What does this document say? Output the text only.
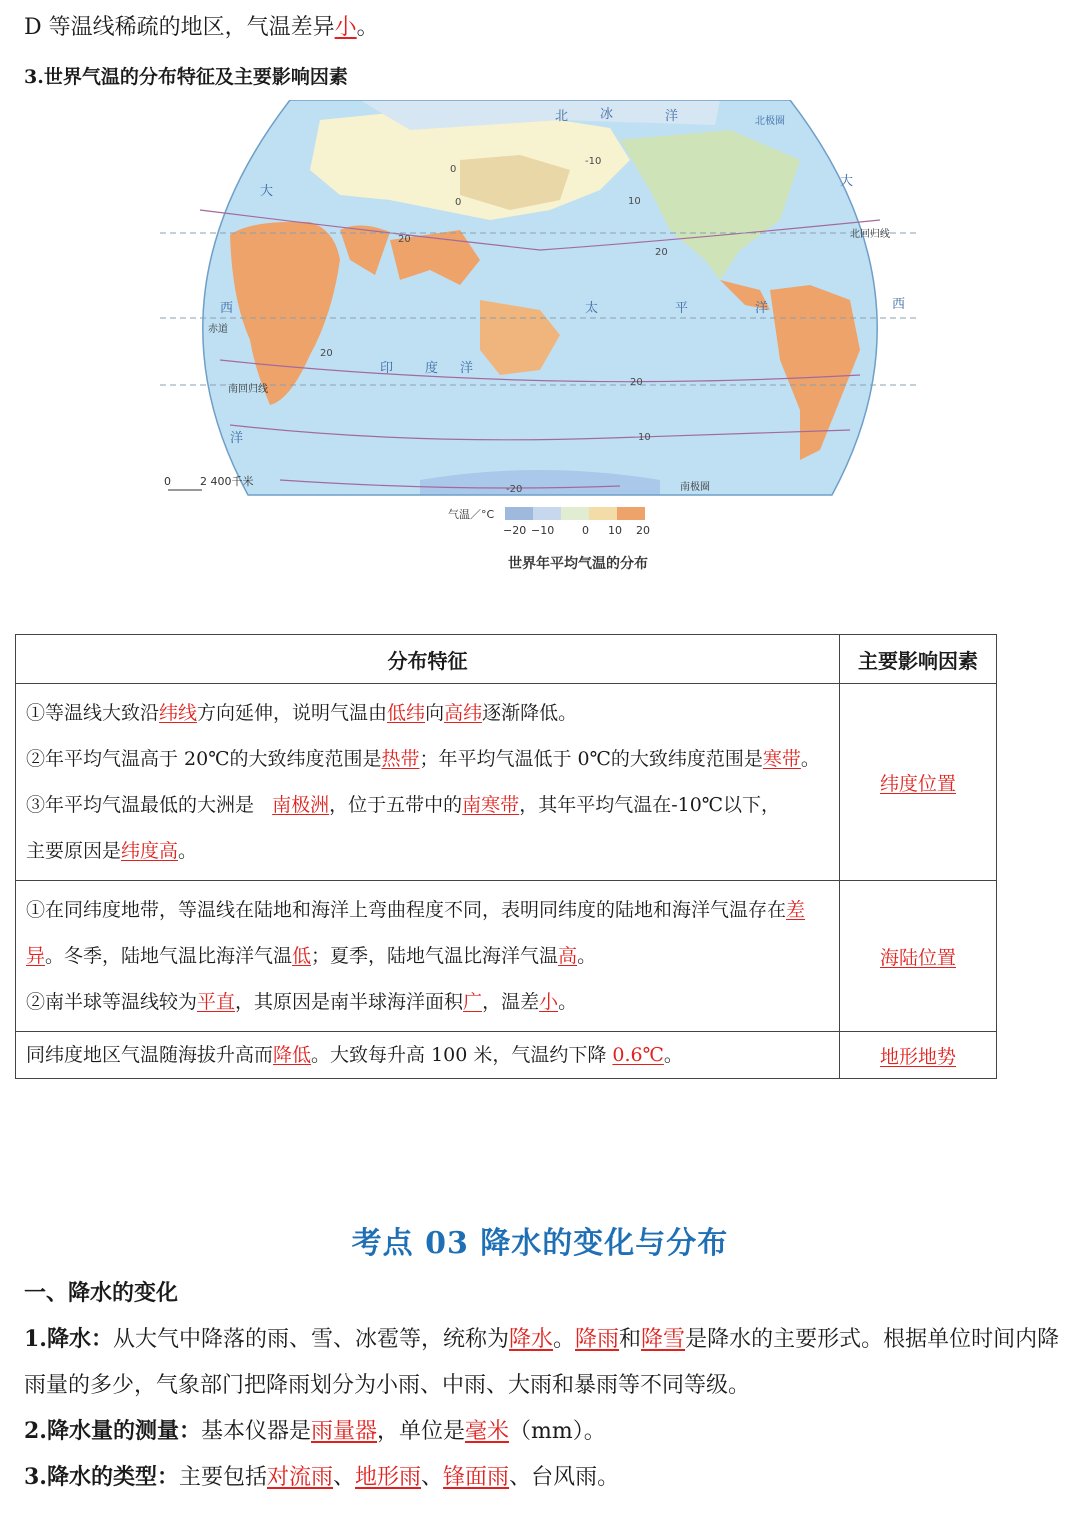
D 等温线稀疏的地区，气温差异小。
3.世界气温的分布特征及主要影响因素
北 冰	洋	北极圈
大
大
西	西
太	平	洋
赤道
印 度 洋
南回归线
北回归线
洋
南极圈
-10
0
0	10
10
20
20
20
20
-20
0	2 400千米
气温／°C
−20 −10	0 10 20
世界年平均气温的分布
分布特征	主要影响因素
①等温线大致沿纬线方向延伸，说明气温由低纬向高纬逐渐降低。
②年平均气温高于 20℃的大致纬度范围是热带；年平均气温低于 0℃的大致纬度范围是寒带。
③年平均气温最低的大洲是 南极洲，位于五带中的南寒带，其年平均气温在-10℃以下，
主要原因是纬度高。	纬度位置
①在同纬度地带，等温线在陆地和海洋上弯曲程度不同，表明同纬度的陆地和海洋气温存在差异。冬季，陆地气温比海洋气温低；夏季，陆地气温比海洋气温高。
②南半球等温线较为平直，其原因是南半球海洋面积广，温差小。	海陆位置
同纬度地区气温随海拔升高而降低。大致每升高 100 米，气温约下降 0.6℃。	地形地势
考点 03 降水的变化与分布
一、降水的变化
1.降水：从大气中降落的雨、雪、冰雹等，统称为降水。降雨和降雪是降水的主要形式。根据单位时间内降雨量的多少，气象部门把降雨划分为小雨、中雨、大雨和暴雨等不同等级。
2.降水量的测量：基本仪器是雨量器，单位是毫米（mm）。
3.降水的类型：主要包括对流雨、地形雨、锋面雨、台风雨。
